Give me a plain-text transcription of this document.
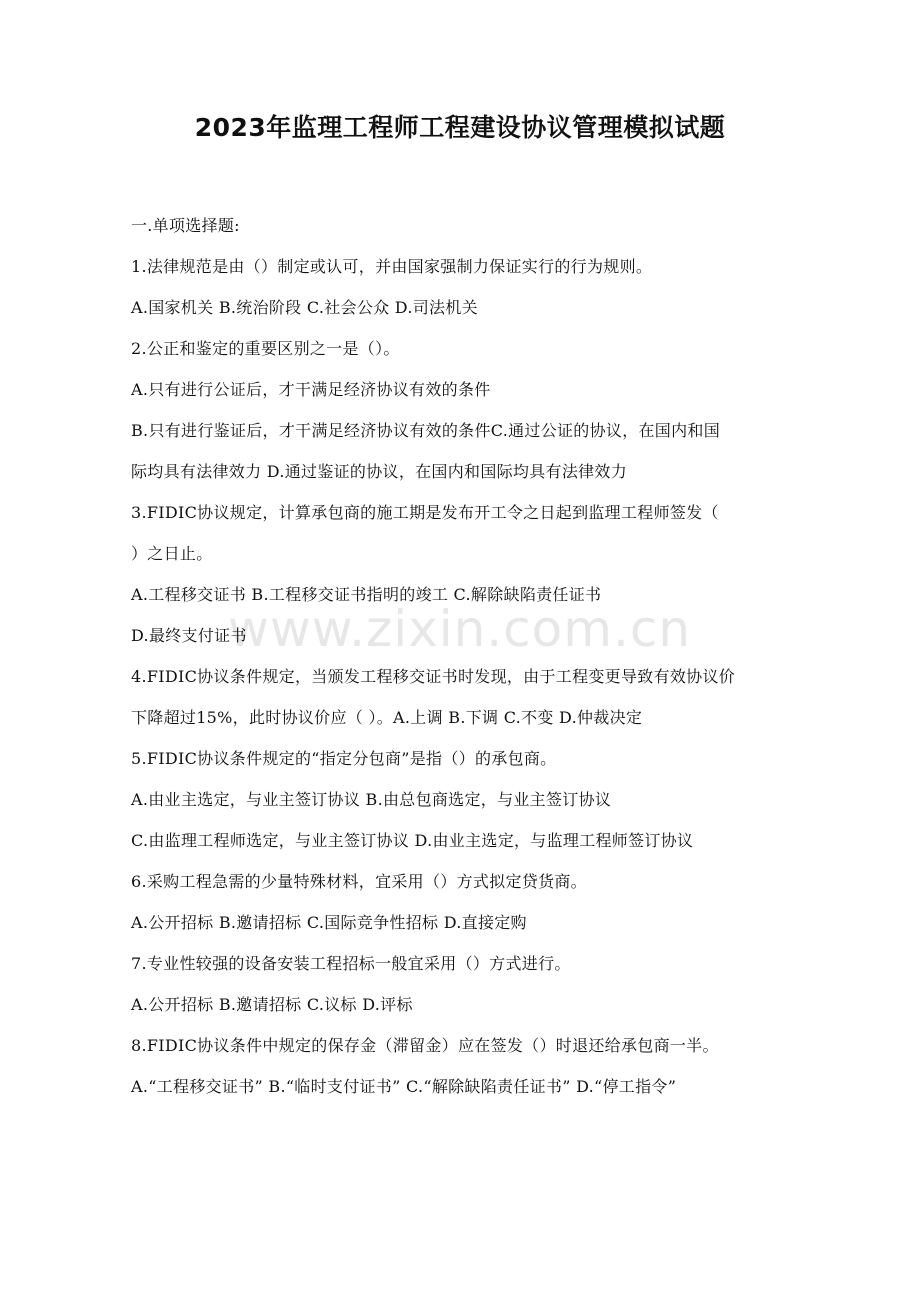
2023年监理工程师工程建设协议管理模拟试题
www.zixin.com.cn
一.单项选择题:
1.法律规范是由（）制定或认可，并由国家强制力保证实行的行为规则。
A.国家机关 B.统治阶段 C.社会公众 D.司法机关
2.公正和鉴定的重要区别之一是（）。
A.只有进行公证后，才干满足经济协议有效的条件
B.只有进行鉴证后，才干满足经济协议有效的条件C.通过公证的协议，在国内和国
际均具有法律效力 D.通过鉴证的协议，在国内和国际均具有法律效力
3.FIDIC协议规定，计算承包商的施工期是发布开工令之日起到监理工程师签发（
）之日止。
A.工程移交证书 B.工程移交证书指明的竣工 C.解除缺陷责任证书
D.最终支付证书
4.FIDIC协议条件规定，当颁发工程移交证书时发现，由于工程变更导致有效协议价
下降超过15%，此时协议价应（ ）。A.上调 B.下调 C.不变 D.仲裁决定
5.FIDIC协议条件规定的“指定分包商”是指（）的承包商。
A.由业主选定，与业主签订协议 B.由总包商选定，与业主签订协议
C.由监理工程师选定，与业主签订协议 D.由业主选定，与监理工程师签订协议
6.采购工程急需的少量特殊材料，宜采用（）方式拟定贷货商。
A.公开招标 B.邀请招标 C.国际竞争性招标 D.直接定购
7.专业性较强的设备安装工程招标一般宜采用（）方式进行。
A.公开招标 B.邀请招标 C.议标 D.评标
8.FIDIC协议条件中规定的保存金（滞留金）应在签发（）时退还给承包商一半。
A.“工程移交证书” B.“临时支付证书” C.“解除缺陷责任证书” D.“停工指令”
